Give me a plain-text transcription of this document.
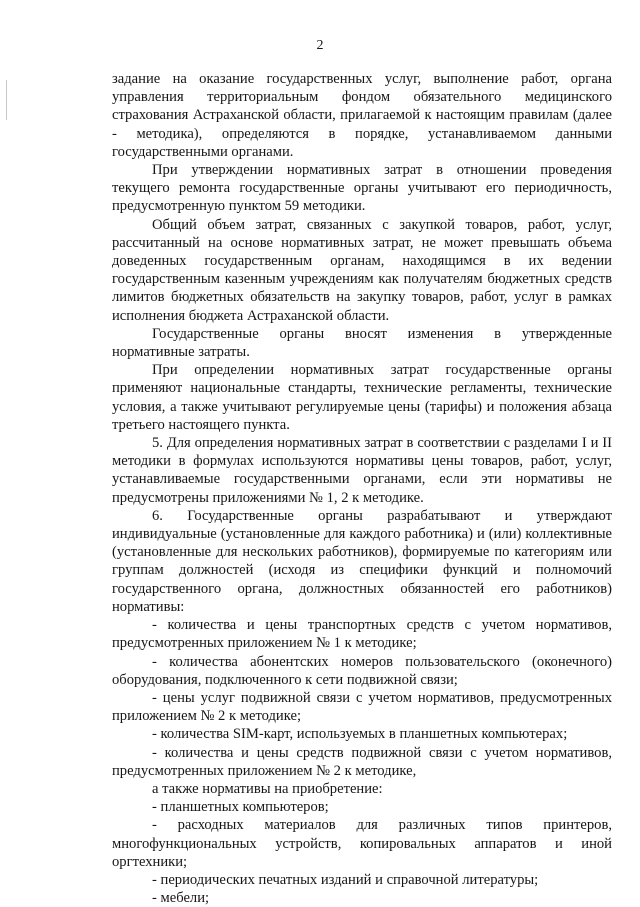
2

задание на оказание государственных услуг, выполнение работ, органа управления территориальным фондом обязательного медицинского страхования Астраханской области, прилагаемой к настоящим правилам (далее - методика), определяются в порядке, устанавливаемом данными государственными органами.

При утверждении нормативных затрат в отношении проведения текущего ремонта государственные органы учитывают его периодичность, предусмотренную пунктом 59 методики.

Общий объем затрат, связанных с закупкой товаров, работ, услуг, рассчитанный на основе нормативных затрат, не может превышать объема доведенных государственным органам, находящимся в их ведении государственным казенным учреждениям как получателям бюджетных средств лимитов бюджетных обязательств на закупку товаров, работ, услуг в рамках исполнения бюджета Астраханской области.

Государственные органы вносят изменения в утвержденные нормативные затраты.

При определении нормативных затрат государственные органы применяют национальные стандарты, технические регламенты, технические условия, а также учитывают регулируемые цены (тарифы) и положения абзаца третьего настоящего пункта.

5. Для определения нормативных затрат в соответствии с разделами I и II методики в формулах используются нормативы цены товаров, работ, услуг, устанавливаемые государственными органами, если эти нормативы не предусмотрены приложениями № 1, 2 к методике.

6. Государственные органы разрабатывают и утверждают индивидуальные (установленные для каждого работника) и (или) коллективные (установленные для нескольких работников), формируемые по категориям или группам должностей (исходя из специфики функций и полномочий государственного органа, должностных обязанностей его работников) нормативы:

- количества и цены транспортных средств с учетом нормативов, предусмотренных приложением № 1 к методике;

- количества абонентских номеров пользовательского (оконечного) оборудования, подключенного к сети подвижной связи;

- цены услуг подвижной связи с учетом нормативов, предусмотренных приложением № 2 к методике;

- количества SIM-карт, используемых в планшетных компьютерах;

- количества и цены средств подвижной связи с учетом нормативов, предусмотренных приложением № 2 к методике,

а также нормативы на приобретение:

- планшетных компьютеров;

- расходных материалов для различных типов принтеров, многофункциональных устройств, копировальных аппаратов и иной оргтехники;

- периодических печатных изданий и справочной литературы;

- мебели;
